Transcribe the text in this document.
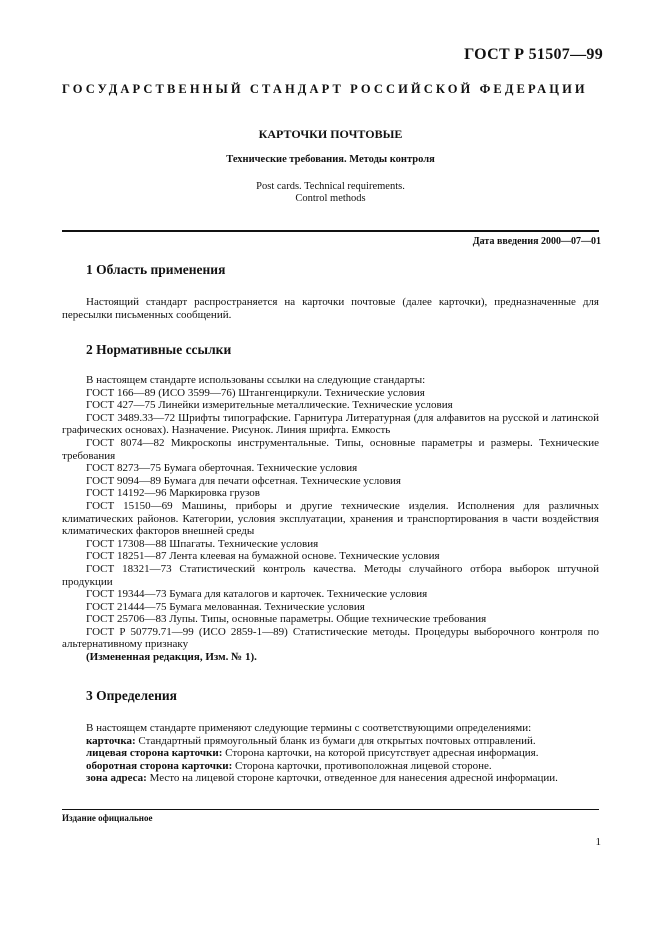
ГОСТ Р 51507—99
ГОСУДАРСТВЕННЫЙ СТАНДАРТ РОССИЙСКОЙ ФЕДЕРАЦИИ
КАРТОЧКИ ПОЧТОВЫЕ
Технические требования. Методы контроля
Post cards. Technical requirements.
Control methods
Дата введения 2000—07—01
1 Область применения

Настоящий стандарт распространяется на карточки почтовые (далее карточки), предназначенные для пересылки письменных сообщений.

2 Нормативные ссылки

В настоящем стандарте использованы ссылки на следующие стандарты:

ГОСТ 166—89 (ИСО 3599—76) Штангенциркули. Технические условия

ГОСТ 427—75 Линейки измерительные металлические. Технические условия

ГОСТ 3489.33—72 Шрифты типографские. Гарнитура Литературная (для алфавитов на русской и латинской графических основах). Назначение. Рисунок. Линия шрифта. Емкость

ГОСТ 8074—82 Микроскопы инструментальные. Типы, основные параметры и размеры. Технические требования

ГОСТ 8273—75 Бумага оберточная. Технические условия

ГОСТ 9094—89 Бумага для печати офсетная. Технические условия

ГОСТ 14192—96 Маркировка грузов

ГОСТ 15150—69 Машины, приборы и другие технические изделия. Исполнения для различных климатических районов. Категории, условия эксплуатации, хранения и транспортирования в части воздействия климатических факторов внешней среды

ГОСТ 17308—88 Шпагаты. Технические условия

ГОСТ 18251—87 Лента клеевая на бумажной основе. Технические условия

ГОСТ 18321—73 Статистический контроль качества. Методы случайного отбора выборок штучной продукции

ГОСТ 19344—73 Бумага для каталогов и карточек. Технические условия

ГОСТ 21444—75 Бумага мелованная. Технические условия

ГОСТ 25706—83 Лупы. Типы, основные параметры. Общие технические требования

ГОСТ Р 50779.71—99 (ИСО 2859-1—89) Статистические методы. Процедуры выборочного контроля по альтернативному признаку

(Измененная редакция, Изм. № 1).

3 Определения

В настоящем стандарте применяют следующие термины с соответствующими определениями:

карточка: Стандартный прямоугольный бланк из бумаги для открытых почтовых отправлений.

лицевая сторона карточки: Сторона карточки, на которой присутствует адресная информация.

оборотная сторона карточки: Сторона карточки, противоположная лицевой стороне.

зона адреса: Место на лицевой стороне карточки, отведенное для нанесения адресной информации.

Издание официальное
1
